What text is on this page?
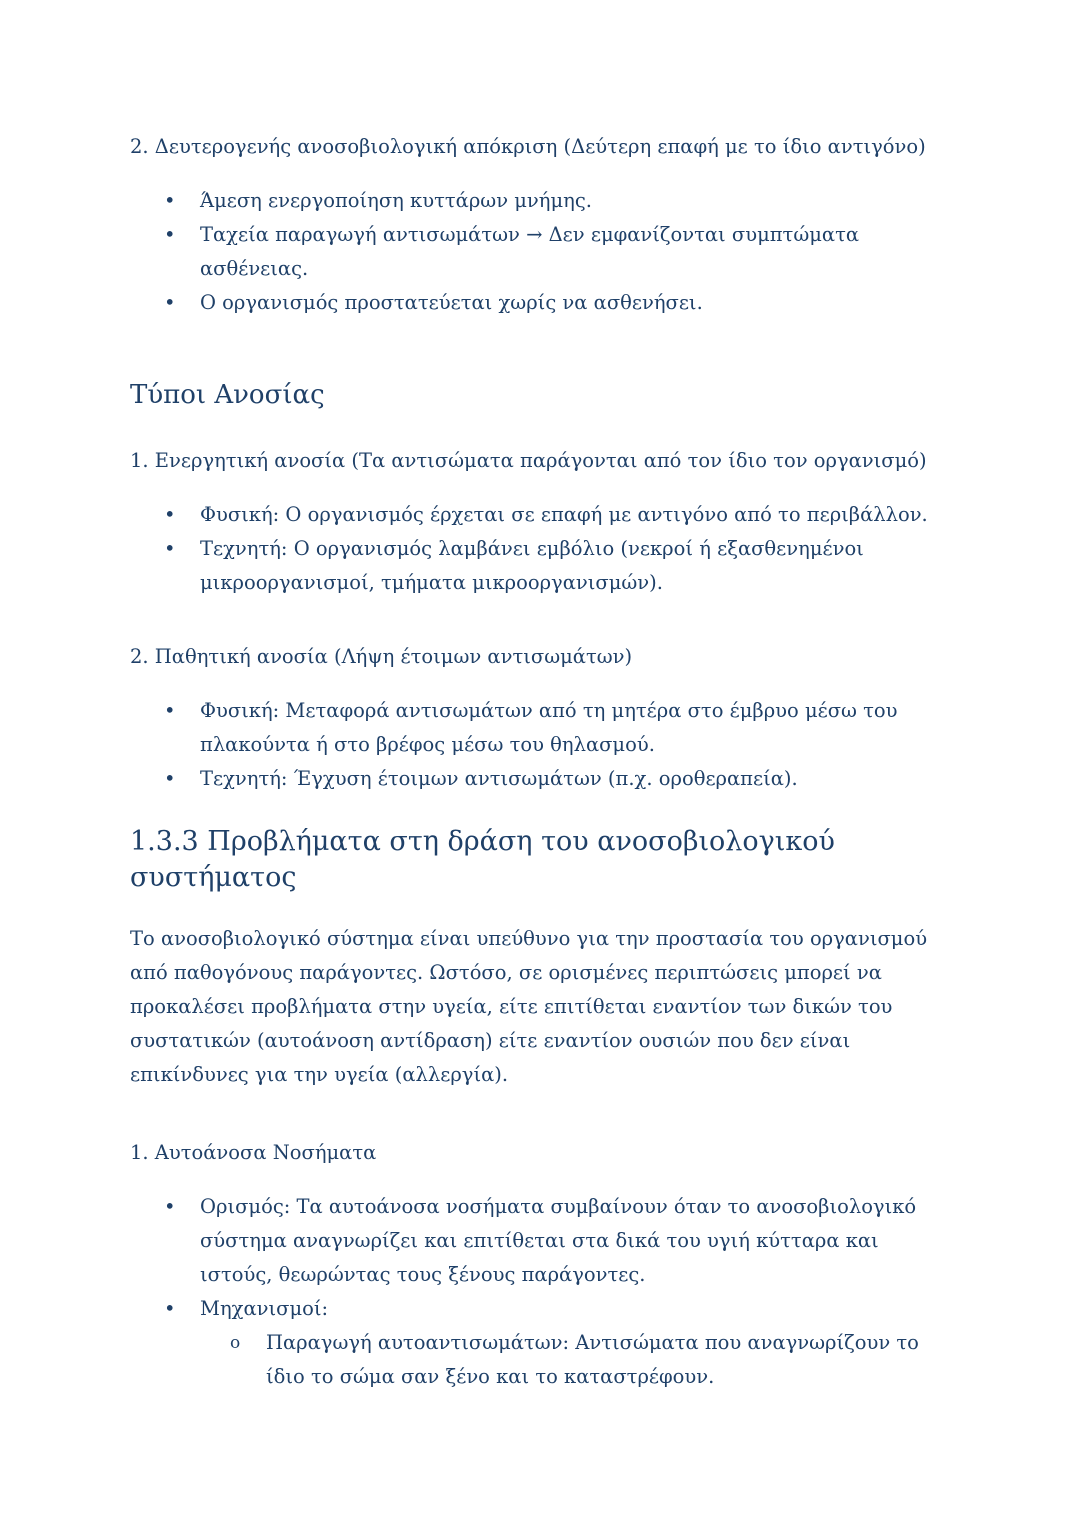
2. Δευτερογενής ανοσοβιολογική απόκριση (Δεύτερη επαφή με το ίδιο αντιγόνο)
•	Άμεση ενεργοποίηση κυττάρων μνήμης.
•	Ταχεία παραγωγή αντισωμάτων → Δεν εμφανίζονται συμπτώματα ασθένειας.
•	Ο οργανισμός προστατεύεται χωρίς να ασθενήσει.
Τύποι Ανοσίας
1. Ενεργητική ανοσία (Τα αντισώματα παράγονται από τον ίδιο τον οργανισμό)
•	Φυσική: Ο οργανισμός έρχεται σε επαφή με αντιγόνο από το περιβάλλον.
•	Τεχνητή: Ο οργανισμός λαμβάνει εμβόλιο (νεκροί ή εξασθενημένοι μικροοργανισμοί, τμήματα μικροοργανισμών).
2. Παθητική ανοσία (Λήψη έτοιμων αντισωμάτων)
•	Φυσική: Μεταφορά αντισωμάτων από τη μητέρα στο έμβρυο μέσω του πλακούντα ή στο βρέφος μέσω του θηλασμού.
•	Τεχνητή: Έγχυση έτοιμων αντισωμάτων (π.χ. οροθεραπεία).
1.3.3 Προβλήματα στη δράση του ανοσοβιολογικού συστήματος

Το ανοσοβιολογικό σύστημα είναι υπεύθυνο για την προστασία του οργανισμού από παθογόνους παράγοντες. Ωστόσο, σε ορισμένες περιπτώσεις μπορεί να προκαλέσει προβλήματα στην υγεία, είτε επιτίθεται εναντίον των δικών του συστατικών (αυτοάνοση αντίδραση) είτε εναντίον ουσιών που δεν είναι επικίνδυνες για την υγεία (αλλεργία).

1. Αυτοάνοσα Νοσήματα
•	Ορισμός: Τα αυτοάνοσα νοσήματα συμβαίνουν όταν το ανοσοβιολογικό σύστημα αναγνωρίζει και επιτίθεται στα δικά του υγιή κύτταρα και ιστούς, θεωρώντας τους ξένους παράγοντες.
•	Μηχανισμοί:
o	Παραγωγή αυτοαντισωμάτων: Αντισώματα που αναγνωρίζουν το ίδιο το σώμα σαν ξένο και το καταστρέφουν.
